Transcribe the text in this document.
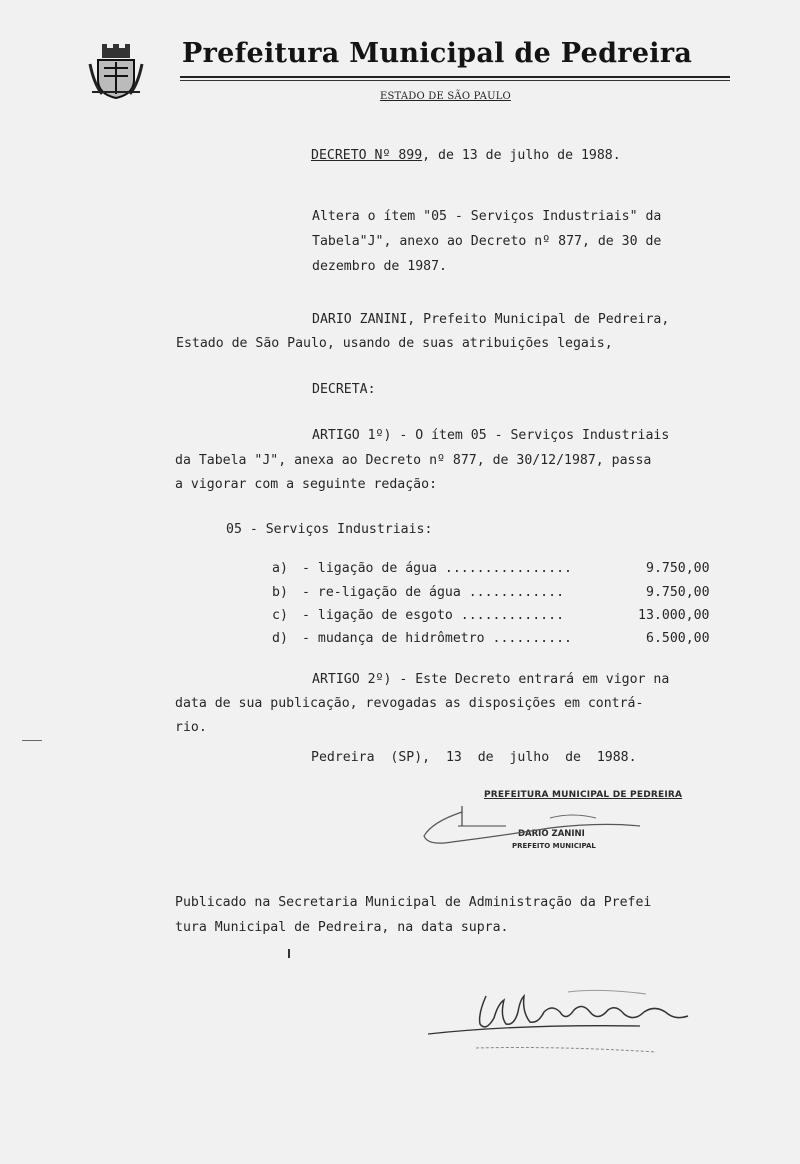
Prefeitura Municipal de Pedreira
ESTADO DE SÃO PAULO
DECRETO Nº 899, de 13 de julho de 1988.
Altera o ítem "05 - Serviços Industriais" da
Tabela"J", anexo ao Decreto nº 877, de 30 de
dezembro de 1987.
DARIO ZANINI, Prefeito Municipal de Pedreira,
Estado de São Paulo, usando de suas atribuições legais,
DECRETA:
ARTIGO 1º) - O ítem 05 - Serviços Industriais
da Tabela "J", anexa ao Decreto nº 877, de 30/12/1987, passa
a vigorar com a seguinte redação:
05 - Serviços Industriais:
a) - ligação de água ................	9.750,00
b) - re-ligação de água ............	9.750,00
c) - ligação de esgoto .............	13.000,00
d) - mudança de hidrômetro ..........	6.500,00
ARTIGO 2º) - Este Decreto entrará em vigor na
data de sua publicação, revogadas as disposições em contrá-
rio.
Pedreira  (SP),  13  de  julho  de  1988.
PREFEITURA MUNICIPAL DE PEDREIRA
DARIO ZANINI
PREFEITO MUNICIPAL
Publicado na Secretaria Municipal de Administração da Prefei
tura Municipal de Pedreira, na data supra.
